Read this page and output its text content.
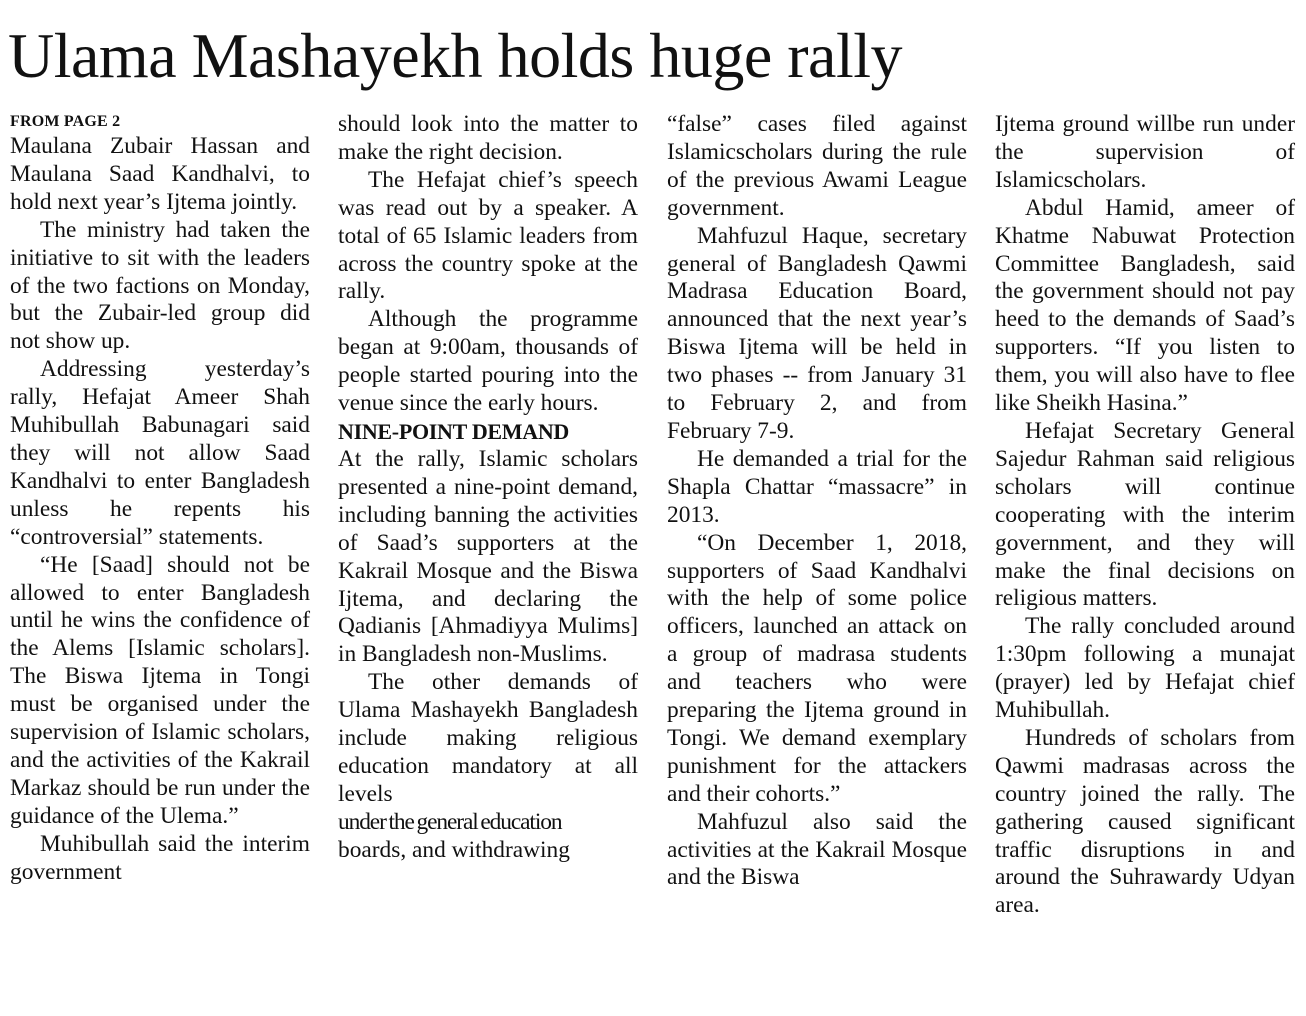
Ulama Mashayekh holds huge rally
FROM PAGE 2

Maulana Zubair Hassan and Maulana Saad Kandhalvi, to hold next year’s Ijtema jointly.

The ministry had taken the initiative to sit with the leaders of the two factions on Monday, but the Zubair-led group did not show up.

Addressing yesterday’s rally, Hefajat Ameer Shah Muhibullah Babunagari said they will not allow Saad Kandhalvi to enter Bangladesh unless he repents his “controversial” statements.

“He [Saad] should not be allowed to enter Bangladesh until he wins the confidence of the Alems [Islamic scholars]. The Biswa Ijtema in Tongi must be organised under the supervision of Islamic scholars, and the activities of the Kakrail Markaz should be run under the guidance of the Ulema.”

Muhibullah said the interim government

should look into the matter to make the right decision.

The Hefajat chief’s speech was read out by a speaker. A total of 65 Islamic leaders from across the country spoke at the rally.

Although the programme began at 9:00am, thousands of people started pouring into the venue since the early hours.

NINE-POINT DEMAND

At the rally, Islamic scholars presented a nine-point demand, including banning the activities of Saad’s supporters at the Kakrail Mosque and the Biswa Ijtema, and declaring the Qadianis [Ahmadiyya Mulims] in Bangladesh non-Muslims.

The other demands of Ulama Mashayekh Bangladesh include making religious education mandatory at all levels

under the general education

boards, and withdrawing

“false” cases filed against Islamicscholars during the rule of the previous Awami League government.

Mahfuzul Haque, secretary general of Bangladesh Qawmi Madrasa Education Board, announced that the next year’s Biswa Ijtema will be held in two phases -- from January 31 to February 2, and from February 7-9.

He demanded a trial for the Shapla Chattar “massacre” in 2013.

“On December 1, 2018, supporters of Saad Kandhalvi with the help of some police officers, launched an attack on a group of madrasa students and teachers who were preparing the Ijtema ground in Tongi. We demand exemplary punishment for the attackers and their cohorts.”

Mahfuzul also said the activities at the Kakrail Mosque and the Biswa

Ijtema ground willbe run under the supervision of Islamicscholars.

Abdul Hamid, ameer of Khatme Nabuwat Protection Committee Bangladesh, said the government should not pay heed to the demands of Saad’s supporters. “If you listen to them, you will also have to flee like Sheikh Hasina.”

Hefajat Secretary General Sajedur Rahman said religious scholars will continue cooperating with the interim government, and they will make the final decisions on religious matters.

The rally concluded around 1:30pm following a munajat (prayer) led by Hefajat chief Muhibullah.

Hundreds of scholars from Qawmi madrasas across the country joined the rally. The gathering caused significant traffic disruptions in and around the Suhrawardy Udyan area.
